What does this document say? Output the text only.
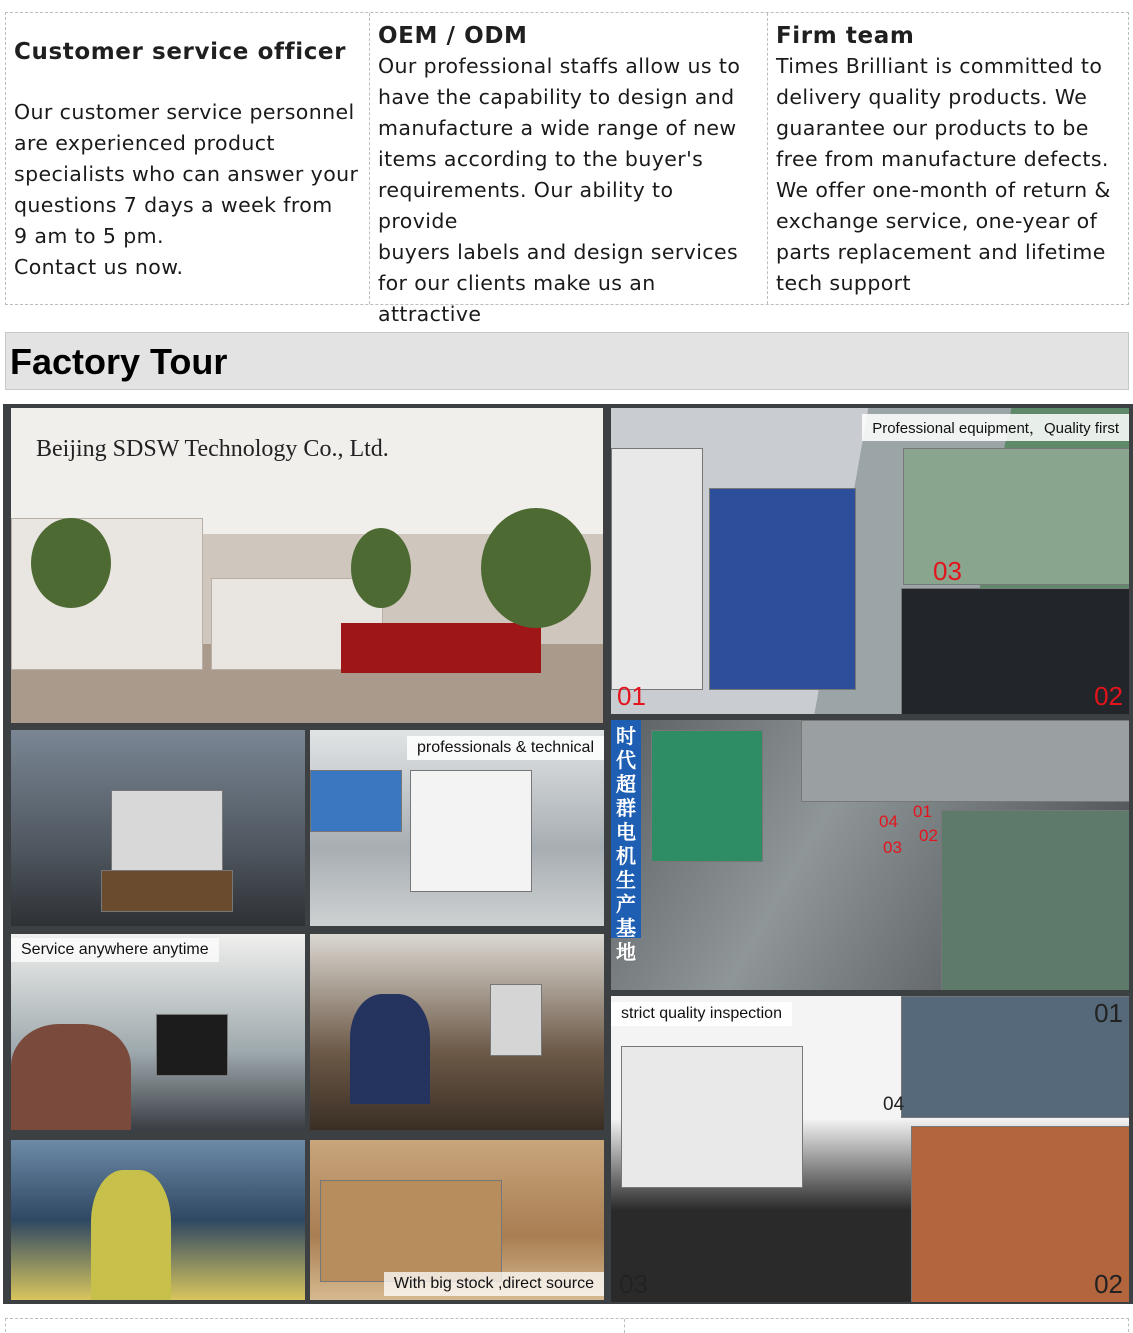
Customer service officer
Our customer service personnel
are experienced product
specialists who can answer your
questions 7 days a week from
9 am to 5 pm.
Contact us now.
OEM / ODM
Our professional staffs allow us to
have the capability to design and
manufacture a wide range of new
items according to the buyer's
requirements. Our ability to provide
buyers labels and design services
for our clients make us an attractive

Firm team
Times Brilliant is committed to
delivery quality products. We
guarantee our products to be
free from manufacture defects.
We offer one-month of return &
exchange service, one-year of
parts replacement and lifetime
tech support
Factory Tour
Beijing SDSW Technology Co., Ltd.
Professional equipment，Quality first
01	02
03
professionals & technical	时代超群电机生产基地
01
02
03
04
Service anywhere anytime
strict quality inspection	01
02
03
04
With big stock ,direct source
